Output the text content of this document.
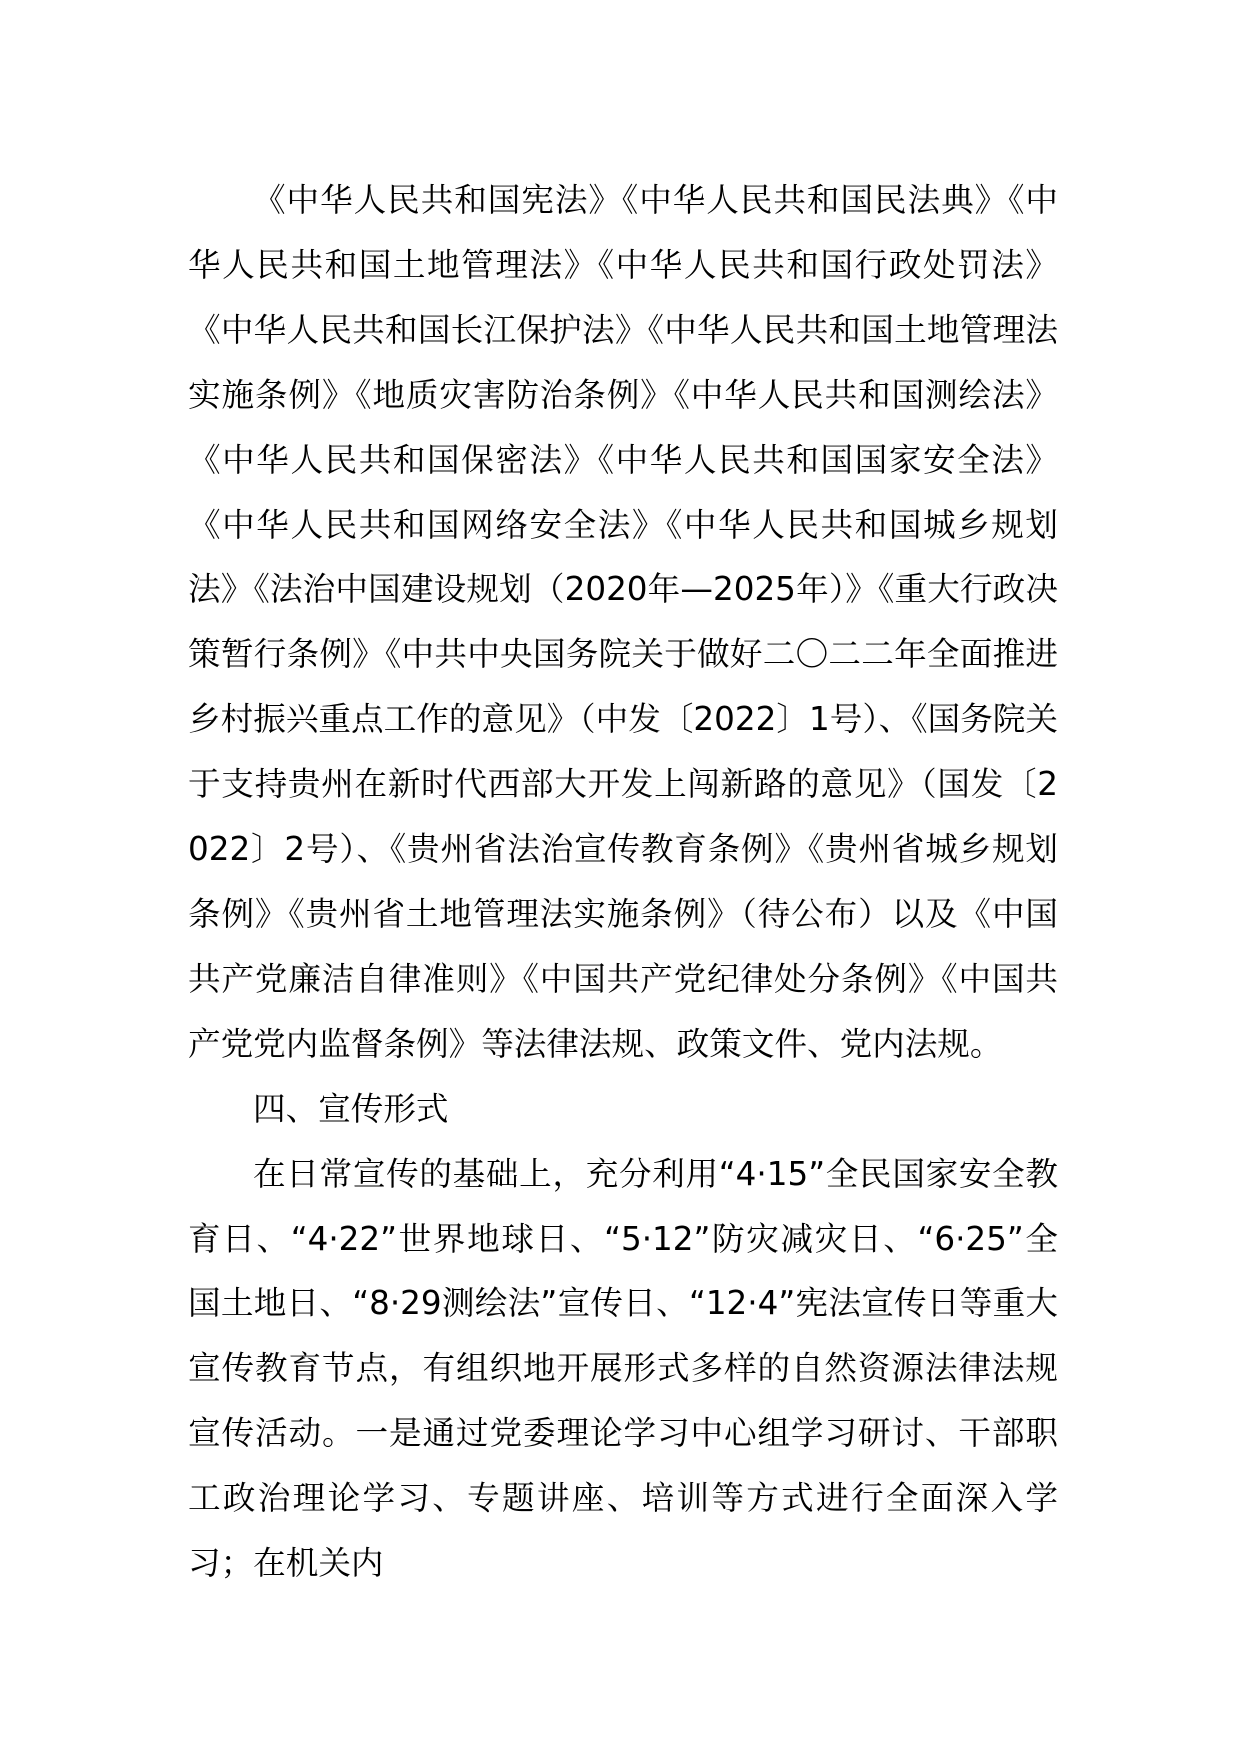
《中华人民共和国宪法》《中华人民共和国民法典》《中华人民共和国土地管理法》《中华人民共和国行政处罚法》《中华人民共和国长江保护法》《中华人民共和国土地管理法实施条例》《地质灾害防治条例》《中华人民共和国测绘法》《中华人民共和国保密法》《中华人民共和国国家安全法》《中华人民共和国网络安全法》《中华人民共和国城乡规划法》《法治中国建设规划（2020年—2025年）》《重大行政决策暂行条例》《中共中央国务院关于做好二〇二二年全面推进乡村振兴重点工作的意见》（中发〔2022〕1号）、《国务院关于支持贵州在新时代西部大开发上闯新路的意见》（国发〔2022〕2号）、《贵州省法治宣传教育条例》《贵州省城乡规划条例》《贵州省土地管理法实施条例》（待公布）以及《中国共产党廉洁自律准则》《中国共产党纪律处分条例》《中国共产党党内监督条例》等法律法规、政策文件、党内法规。

四、宣传形式

在日常宣传的基础上，充分利用“4·15”全民国家安全教育日、“4·22”世界地球日、“5·12”防灾减灾日、“6·25”全国土地日、“8·29测绘法”宣传日、“12·4”宪法宣传日等重大宣传教育节点，有组织地开展形式多样的自然资源法律法规宣传活动。一是通过党委理论学习中心组学习研讨、干部职工政治理论学习、专题讲座、培训等方式进行全面深入学习；在机关内
